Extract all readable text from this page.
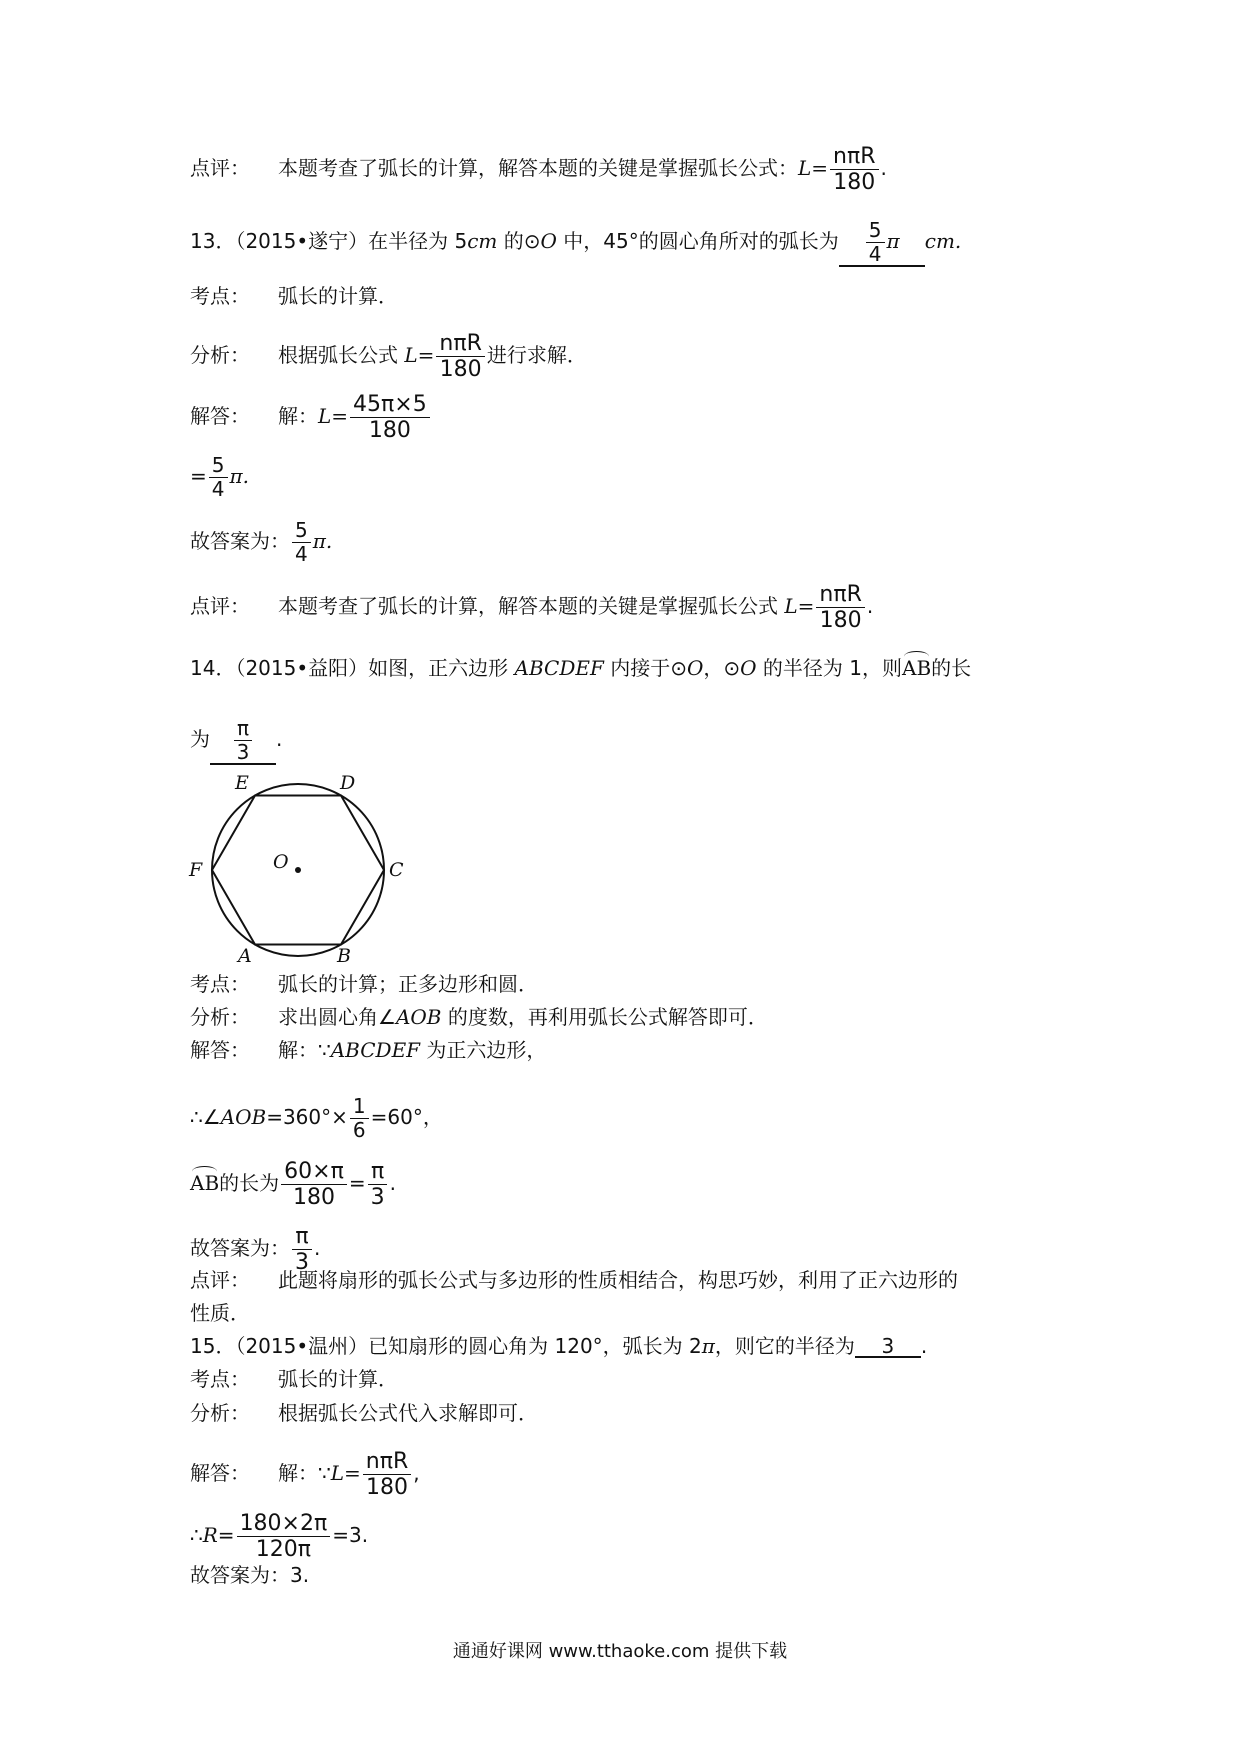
点评： 本题考查了弧长的计算，解答本题的关键是掌握弧长公式：$L= \frac{\text{nπR}}{180}$ .
13．（2015•遂宁）在半径为 5cm 的⊙O 中，45°的圆心角所对的弧长为 $\frac{5}{4}$ π cm.
考点： 弧长的计算．
分析： 根据弧长公式 $L= \frac{\text{nπR}}{180}$ 进行求解．
解答： 解：$L= \frac{45\pi\times 5}{180}$
= $\frac{5}{4} \pi$.
故答案为： $\frac{5}{4} \pi$.
点评： 本题考查了弧长的计算，解答本题的关键是掌握弧长公式 $L= \frac{\text{nπR}}{180}$ .
14．（2015•益阳）如图，正六边形 ABCDEF 内接于⊙O，⊙O 的半径为 1，则AB的长
为 $\frac{\pi}{3}$ .
O
A	B
C
D
E
F
考点： 弧长的计算；正多边形和圆．
分析： 求出圆心角∠AOB 的度数，再利用弧长公式解答即可．
解答： 解：∵ABCDEF 为正六边形，
∴∠AOB=360°× $\frac{1}{6} =60^\circ$，
AB的长为 $\frac{60\times\pi}{180} = \frac{\pi}{3}$ .
故答案为： $\frac{\pi}{3}$ .
点评： 此题将扇形的弧长公式与多边形的性质相结合，构思巧妙，利用了正六边形的
性质．
15．（2015•温州）已知扇形的圆心角为 120°，弧长为 2π，则它的半径为 3 .
考点： 弧长的计算．
分析： 根据弧长公式代入求解即可．
解答： 解：∵L= $\frac{\text{nπR}}{180}$ ,
∴R= $\frac{180\times 2\pi}{120\pi} =3$.
故答案为：3.
通通好课网 www.tthaoke.com 提供下载
